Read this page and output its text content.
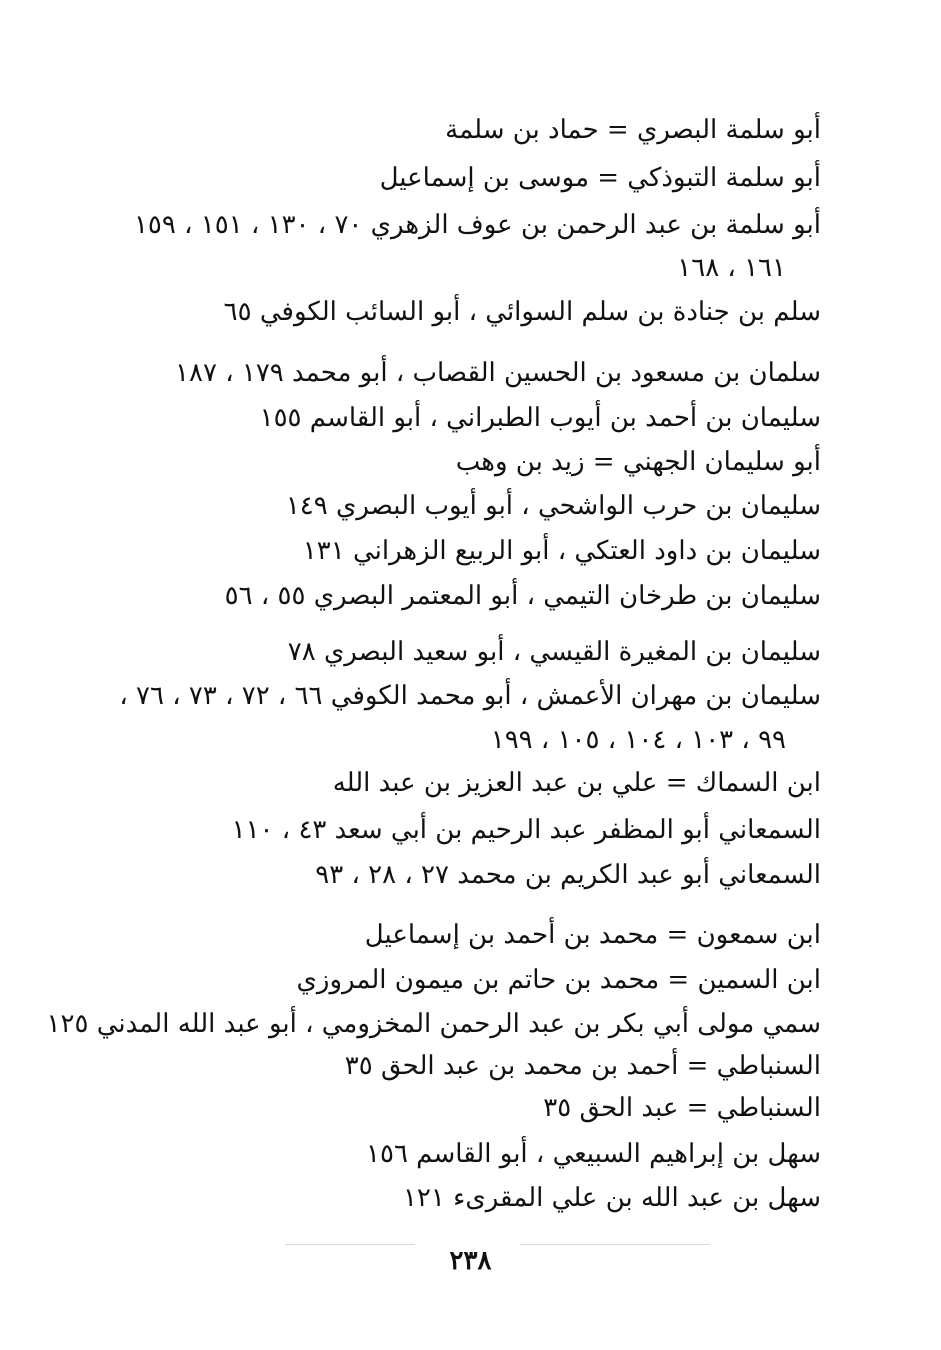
أبو سلمة البصري = حماد بن سلمة
أبو سلمة التبوذكي = موسى بن إسماعيل
أبو سلمة بن عبد الرحمن بن عوف الزهري ٧٠ ، ١٣٠ ، ١٥١ ، ١٥٩
١٦١ ، ١٦٨
سلم بن جنادة بن سلم السوائي ، أبو السائب الكوفي ٦٥
سلمان بن مسعود بن الحسين القصاب ، أبو محمد ١٧٩ ، ١٨٧
سليمان بن أحمد بن أيوب الطبراني ، أبو القاسم ١٥٥
أبو سليمان الجهني = زيد بن وهب
سليمان بن حرب الواشحي ، أبو أيوب البصري ١٤٩
سليمان بن داود العتكي ، أبو الربيع الزهراني ١٣١
سليمان بن طرخان التيمي ، أبو المعتمر البصري ٥٥ ، ٥٦
سليمان بن المغيرة القيسي ، أبو سعيد البصري ٧٨
سليمان بن مهران الأعمش ، أبو محمد الكوفي ٦٦ ، ٧٢ ، ٧٣ ، ٧٦ ،
٩٩ ، ١٠٣ ، ١٠٤ ، ١٠٥ ، ١٩٩
ابن السماك = علي بن عبد العزيز بن عبد الله
السمعاني أبو المظفر عبد الرحيم بن أبي سعد ٤٣ ، ١١٠
السمعاني أبو عبد الكريم بن محمد ٢٧ ، ٢٨ ، ٩٣
ابن سمعون = محمد بن أحمد بن إسماعيل
ابن السمين = محمد بن حاتم بن ميمون المروزي
سمي مولى أبي بكر بن عبد الرحمن المخزومي ، أبو عبد الله المدني ١٢٥
السنباطي = أحمد بن محمد بن عبد الحق ٣٥
السنباطي = عبد الحق ٣٥
سهل بن إبراهيم السبيعي ، أبو القاسم ١٥٦
سهل بن عبد الله بن علي المقرىء ١٢١
٢٣٨
